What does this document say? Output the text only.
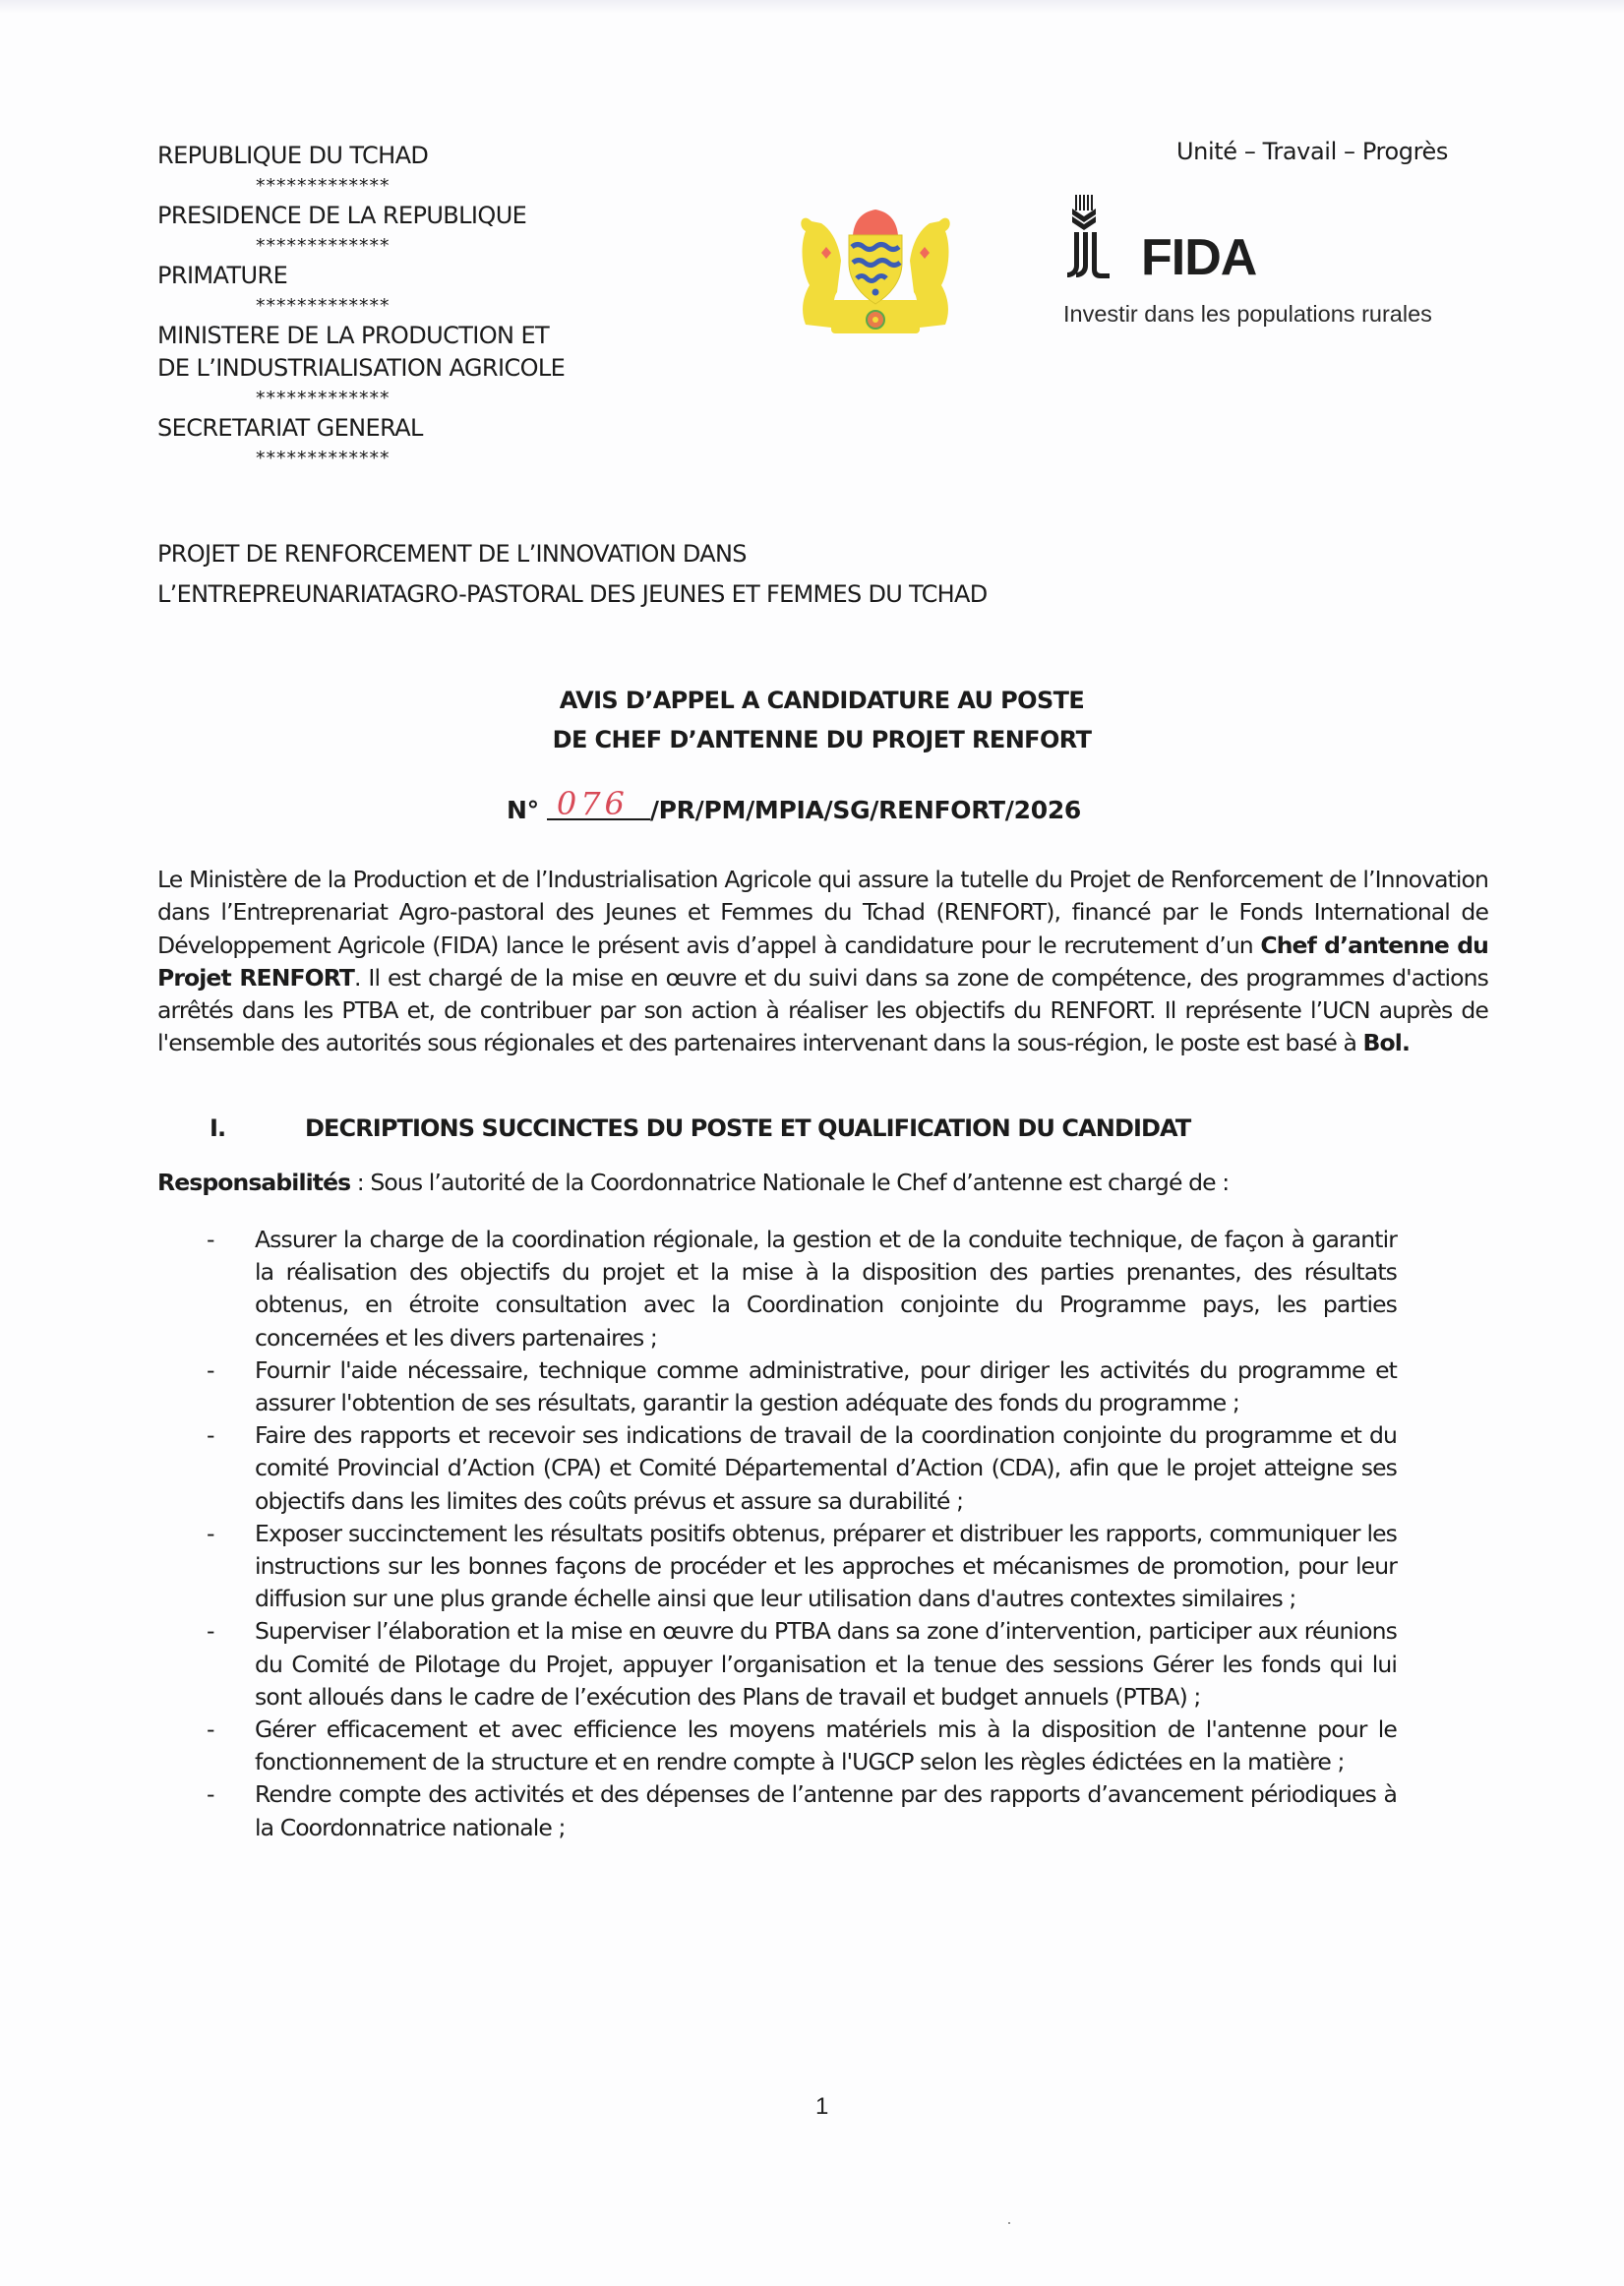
REPUBLIQUE DU TCHAD
*************
PRESIDENCE DE LA REPUBLIQUE
*************
PRIMATURE
*************
MINISTERE DE LA PRODUCTION ET
DE L’INDUSTRIALISATION AGRICOLE
*************
SECRETARIAT GENERAL
*************
Unité – Travail – Progrès
FIDA
Investir dans les populations rurales
PROJET DE RENFORCEMENT DE L’INNOVATION DANS
L’ENTREPREUNARIATAGRO-PASTORAL DES JEUNES ET FEMMES DU TCHAD
AVIS D’APPEL A CANDIDATURE AU POSTE
DE CHEF D’ANTENNE DU PROJET RENFORT
N° 076 /PR/PM/MPIA/SG/RENFORT/2026
Le Ministère de la Production et de l’Industrialisation Agricole qui assure la tutelle du Projet de Renforcement de l’Innovation dans l’Entreprenariat Agro-pastoral des Jeunes et Femmes du Tchad (RENFORT), financé par le Fonds International de Développement Agricole (FIDA) lance le présent avis d’appel à candidature pour le recrutement d’un Chef d’antenne du Projet RENFORT. Il est chargé de la mise en œuvre et du suivi dans sa zone de compétence, des programmes d'actions arrêtés dans les PTBA et, de contribuer par son action à réaliser les objectifs du RENFORT. Il représente l’UCN auprès de l'ensemble des autorités sous régionales et des partenaires intervenant dans la sous-région, le poste est basé à Bol.
I.	DECRIPTIONS SUCCINCTES DU POSTE ET QUALIFICATION DU CANDIDAT
Responsabilités : Sous l’autorité de la Coordonnatrice Nationale le Chef d’antenne est chargé de :
- Assurer la charge de la coordination régionale, la gestion et de la conduite technique, de façon à garantir la réalisation des objectifs du projet et la mise à la disposition des parties prenantes, des résultats obtenus, en étroite consultation avec la Coordination conjointe du Programme pays, les parties concernées et les divers partenaires ;
- Fournir l'aide nécessaire, technique comme administrative, pour diriger les activités du programme et assurer l'obtention de ses résultats, garantir la gestion adéquate des fonds du programme ;
- Faire des rapports et recevoir ses indications de travail de la coordination conjointe du programme et du comité Provincial d’Action (CPA) et Comité Départemental d’Action (CDA), afin que le projet atteigne ses objectifs dans les limites des coûts prévus et assure sa durabilité ;
- Exposer succinctement les résultats positifs obtenus, préparer et distribuer les rapports, communiquer les instructions sur les bonnes façons de procéder et les approches et mécanismes de promotion, pour leur diffusion sur une plus grande échelle ainsi que leur utilisation dans d'autres contextes similaires ;
- Superviser l’élaboration et la mise en œuvre du PTBA dans sa zone d’intervention, participer aux réunions du Comité de Pilotage du Projet, appuyer l’organisation et la tenue des sessions Gérer les fonds qui lui sont alloués dans le cadre de l’exécution des Plans de travail et budget annuels (PTBA) ;
- Gérer efficacement et avec efficience les moyens matériels mis à la disposition de l'antenne pour le fonctionnement de la structure et en rendre compte à l'UGCP selon les règles édictées en la matière ;
- Rendre compte des activités et des dépenses de l’antenne par des rapports d’avancement périodiques à la Coordonnatrice nationale ;
1
